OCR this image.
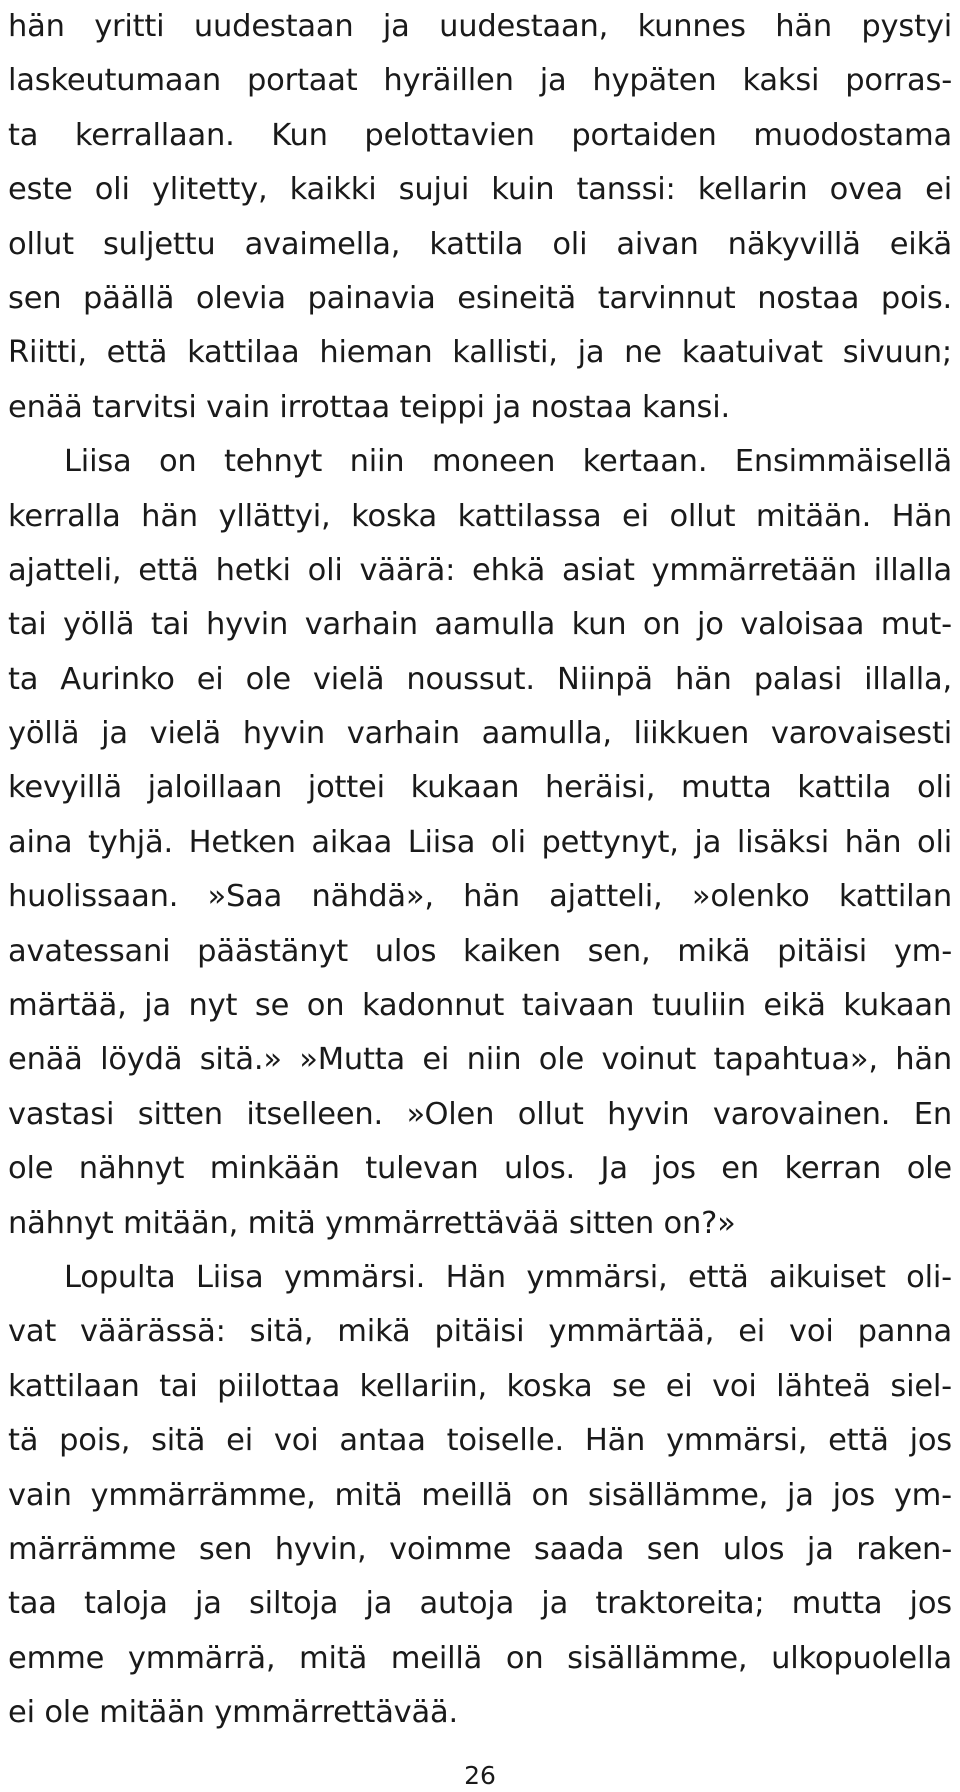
hän yritti uudestaan ja uudestaan, kunnes hän pystyi
laskeutumaan portaat hyräillen ja hypäten kaksi porras-
ta kerrallaan. Kun pelottavien portaiden muodostama
este oli ylitetty, kaikki sujui kuin tanssi: kellarin ovea ei
ollut suljettu avaimella, kattila oli aivan näkyvillä eikä
sen päällä olevia painavia esineitä tarvinnut nostaa pois.
Riitti, että kattilaa hieman kallisti, ja ne kaatuivat sivuun;
enää tarvitsi vain irrottaa teippi ja nostaa kansi.
Liisa on tehnyt niin moneen kertaan. Ensimmäisellä
kerralla hän yllättyi, koska kattilassa ei ollut mitään. Hän
ajatteli, että hetki oli väärä: ehkä asiat ymmärretään illalla
tai yöllä tai hyvin varhain aamulla kun on jo valoisaa mut-
ta Aurinko ei ole vielä noussut. Niinpä hän palasi illalla,
yöllä ja vielä hyvin varhain aamulla, liikkuen varovaisesti
kevyillä jaloillaan jottei kukaan heräisi, mutta kattila oli
aina tyhjä. Hetken aikaa Liisa oli pettynyt, ja lisäksi hän oli
huolissaan. »Saa nähdä», hän ajatteli, »olenko kattilan
avatessani päästänyt ulos kaiken sen, mikä pitäisi ym-
märtää, ja nyt se on kadonnut taivaan tuuliin eikä kukaan
enää löydä sitä.» »Mutta ei niin ole voinut tapahtua», hän
vastasi sitten itselleen. »Olen ollut hyvin varovainen. En
ole nähnyt minkään tulevan ulos. Ja jos en kerran ole
nähnyt mitään, mitä ymmärrettävää sitten on?»
Lopulta Liisa ymmärsi. Hän ymmärsi, että aikuiset oli-
vat väärässä: sitä, mikä pitäisi ymmärtää, ei voi panna
kattilaan tai piilottaa kellariin, koska se ei voi lähteä siel-
tä pois, sitä ei voi antaa toiselle. Hän ymmärsi, että jos
vain ymmärrämme, mitä meillä on sisällämme, ja jos ym-
märrämme sen hyvin, voimme saada sen ulos ja raken-
taa taloja ja siltoja ja autoja ja traktoreita; mutta jos
emme ymmärrä, mitä meillä on sisällämme, ulkopuolella
ei ole mitään ymmärrettävää.
26
